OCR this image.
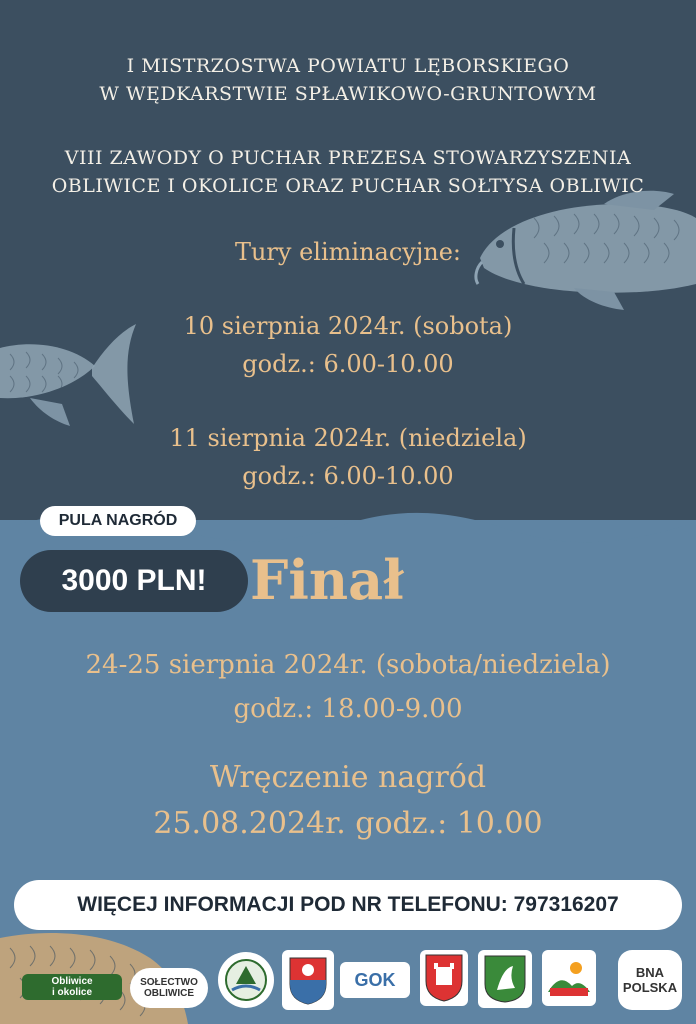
I MISTRZOSTWA POWIATU LĘBORSKIEGO
W WĘDKARSTWIE SPŁAWIKOWO-GRUNTOWYM
VIII ZAWODY O PUCHAR PREZESA STOWARZYSZENIA
OBLIWICE I OKOLICE ORAZ PUCHAR SOŁTYSA OBLIWIC
Tury eliminacyjne:
10 sierpnia 2024r. (sobota)
godz.: 6.00-10.00
11 sierpnia 2024r. (niedziela)
godz.: 6.00-10.00
PULA NAGRÓD
3000 PLN! Finał
24-25 sierpnia 2024r. (sobota/niedziela)
godz.: 18.00-9.00
Wręczenie nagród
25.08.2024r. godz.: 10.00
WIĘCEJ INFORMACJI POD NR TELEFONU: 797316207
Obliwice
i okolice
SOŁECTWO
OBLIWICE
GOK	BNA
POLSKA
